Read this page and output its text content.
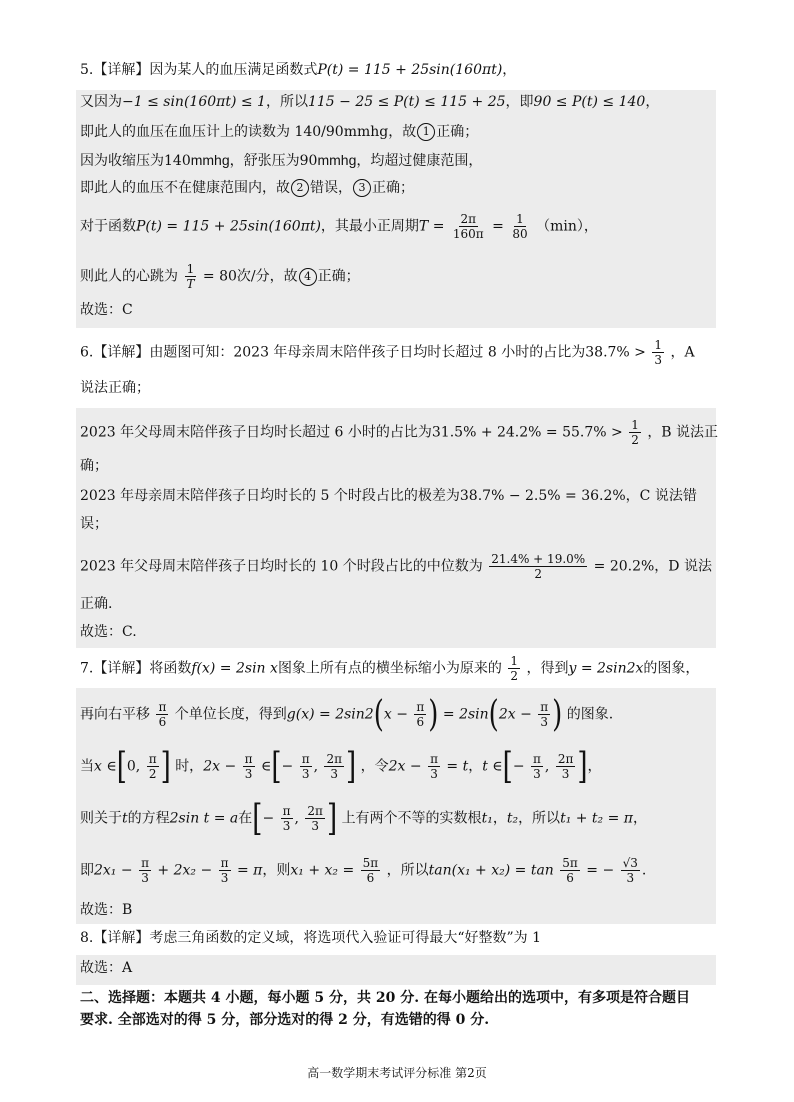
5.【详解】因为某人的血压满足函数式P(t) = 115 + 25sin(160πt)，
又因为−1 ≤ sin(160πt) ≤ 1，所以115 − 25 ≤ P(t) ≤ 115 + 25，即90 ≤ P(t) ≤ 140，
即此人的血压在血压计上的读数为 140/90mmhg，故 1 正确；
因为收缩压为140mmhg，舒张压为90mmhg，均超过健康范围，
即此人的血压不在健康范围内，故 2 错误， 3 正确；
对于函数P(t) = 115 + 25sin(160πt)，其最小正周期$T = \frac{2\pi}{160\pi} = \frac{1}{80} (\min)$，
则此人的心跳为 $\frac{1}{T} = 80$次/分，故 4 正确；
故选：C
6.【详解】由题图可知：2023 年母亲周末陪伴孩子日均时长超过 8 小时的占比为$38.7\% > \frac{1}{3}$ ，A
说法正确；
2023 年父母周末陪伴孩子日均时长超过 6 小时的占比为$31.5\% + 24.2\% = 55.7\% > \frac{1}{2}$ ，B 说法正
确；
2023 年母亲周末陪伴孩子日均时长的 5 个时段占比的极差为38.7% − 2.5% = 36.2%，C 说法错
误；
2023 年父母周末陪伴孩子日均时长的 10 个时段占比的中位数为 $\frac{21.4\% + 19.0\%}{2} = 20.2\%$，D 说法
正确.
故选：C.
7.【详解】将函数f(x) = 2sin x图象上所有点的横坐标缩小为原来的 $\frac{1}{2}$ ，得到y = 2sin2x的图象，
再向右平移 $\frac{\pi}{6}$ 个单位长度，得到$g(x) = 2\sin 2(x - \frac{\pi}{6}$ ) = $2\sin(2x - \frac{\pi}{3}$ ) 的图象.
当x ∈[0, $\frac{\pi}{2}$ ] 时，$2x - \frac{\pi}{3}$ ∈[− $\frac{\pi}{3}$ , $\frac{2\pi}{3}$ ] ，令$2x - \frac{\pi}{3} = t$，t ∈[− $\frac{\pi}{3}$ , $\frac{2\pi}{3}$ ]，
则关于t的方程2sin t = a在[− $\frac{\pi}{3}$ , $\frac{2\pi}{3}$ ] 上有两个不等的实数根t₁，t₂，所以t₁ + t₂ = π，
即$2x_1 - \frac{\pi}{3} + 2x_2 - \frac{\pi}{3} = \pi$，则$x_1 + x_2 = \frac{5\pi}{6}$ ，所以$\tan(x_1 + x_2) = \tan \frac{5\pi}{6}$ = − $\frac{√3}{3}$ .
故选：B
8.【详解】考虑三角函数的定义域，将选项代入验证可得最大“好整数”为 1
故选：A
二、选择题：本题共 4 小题，每小题 5 分，共 20 分. 在每小题给出的选项中，有多项是符合题目
要求. 全部选对的得 5 分，部分选对的得 2 分，有选错的得 0 分.
高一数学期末考试评分标准 第2页
